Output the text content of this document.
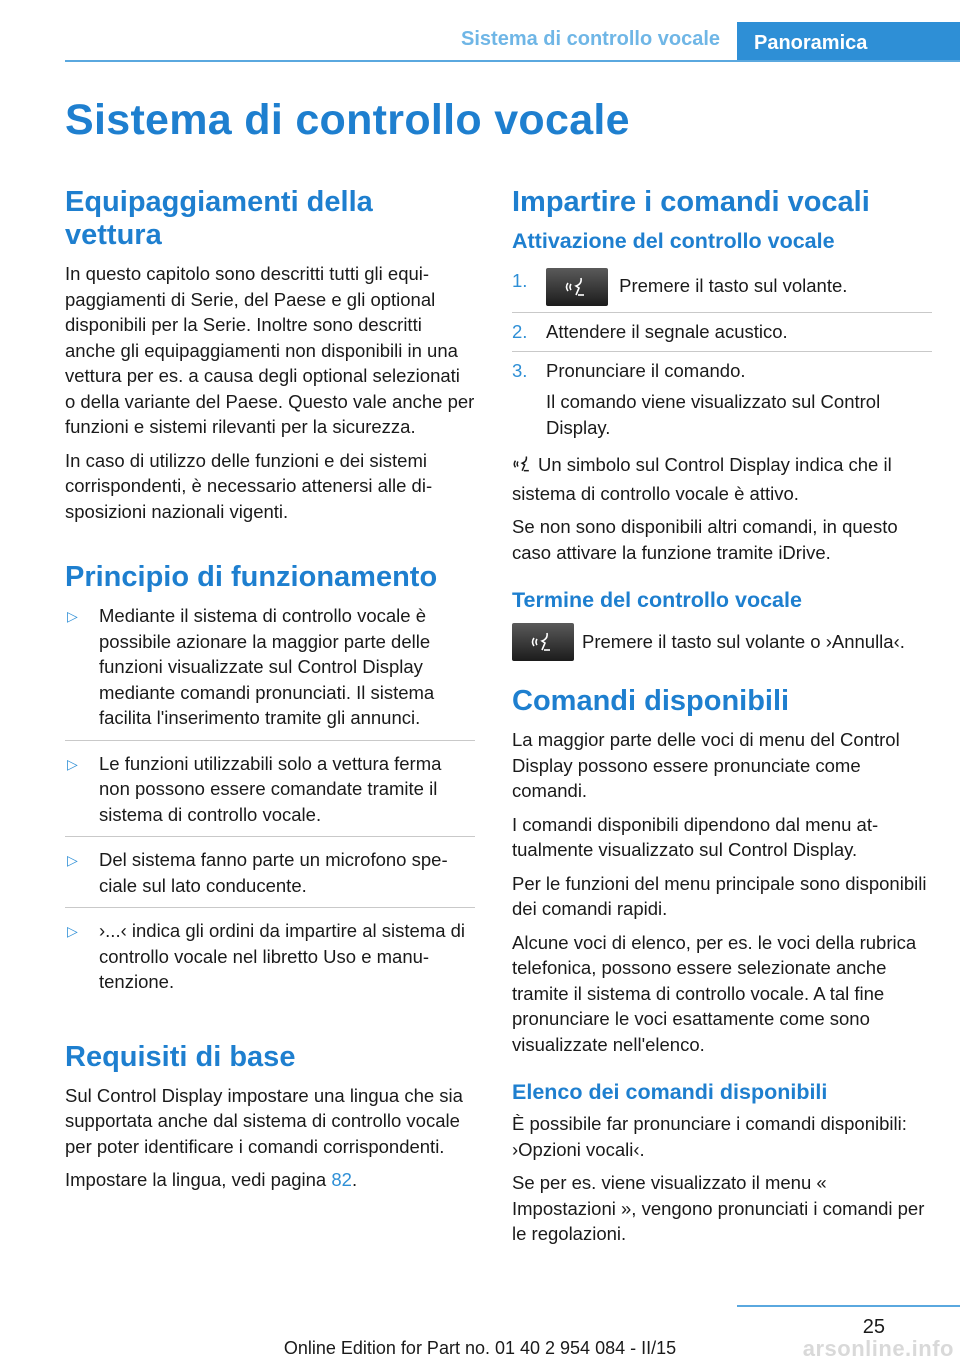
Sistema di controllo vocale	Panoramica
Sistema di controllo vocale
Equipaggiamenti della vettura

In questo capitolo sono descritti tutti gli equipaggiamenti di Serie, del Paese e gli optional disponibili per la Serie. Inoltre sono descritti anche gli equipaggiamenti non disponibili in una vettura per es. a causa degli optional selezionati o della variante del Paese. Questo vale anche per funzioni e sistemi rilevanti per la sicurezza.

In caso di utilizzo delle funzioni e dei sistemi corrispondenti, è necessario attenersi alle disposizioni nazionali vigenti.

Principio di funzionamento
▷ Mediante il sistema di controllo vocale è possibile azionare la maggior parte delle funzioni visualizzate sul Control Display mediante comandi pronunciati. Il sistema facilita l'inserimento tramite gli annunci.
▷ Le funzioni utilizzabili solo a vettura ferma non possono essere comandate tramite il sistema di controllo vocale.
▷ Del sistema fanno parte un microfono speciale sul lato conducente.
▷ ›...‹ indica gli ordini da impartire al sistema di controllo vocale nel libretto Uso e manutenzione.
Requisiti di base

Sul Control Display impostare una lingua che sia supportata anche dal sistema di controllo vocale per poter identificare i comandi corrispondenti.

Impostare la lingua, vedi pagina 82.

Impartire i comandi vocali
Attivazione del controllo vocale
1.	Premere il tasto sul volante.
2. Attendere il segnale acustico.
3. Pronunciare il comando.
Il comando viene visualizzato sul Control Display.

Un simbolo sul Control Display indica che il sistema di controllo vocale è attivo.

Se non sono disponibili altri comandi, in questo caso attivare la funzione tramite iDrive.

Termine del controllo vocale
Premere il tasto sul volante o ›Annulla‹.
Comandi disponibili

La maggior parte delle voci di menu del Control Display possono essere pronunciate come comandi.

I comandi disponibili dipendono dal menu attualmente visualizzato sul Control Display.

Per le funzioni del menu principale sono disponibili dei comandi rapidi.

Alcune voci di elenco, per es. le voci della rubrica telefonica, possono essere selezionate anche tramite il sistema di controllo vocale. A tal fine pronunciare le voci esattamente come sono visualizzate nell'elenco.

Elenco dei comandi disponibili

È possibile far pronunciare i comandi disponibili: ›Opzioni vocali‹.

Se per es. viene visualizzato il menu « Impostazioni », vengono pronunciati i comandi per le regolazioni.

25
Online Edition for Part no. 01 40 2 954 084 - II/15	arsonline.info
